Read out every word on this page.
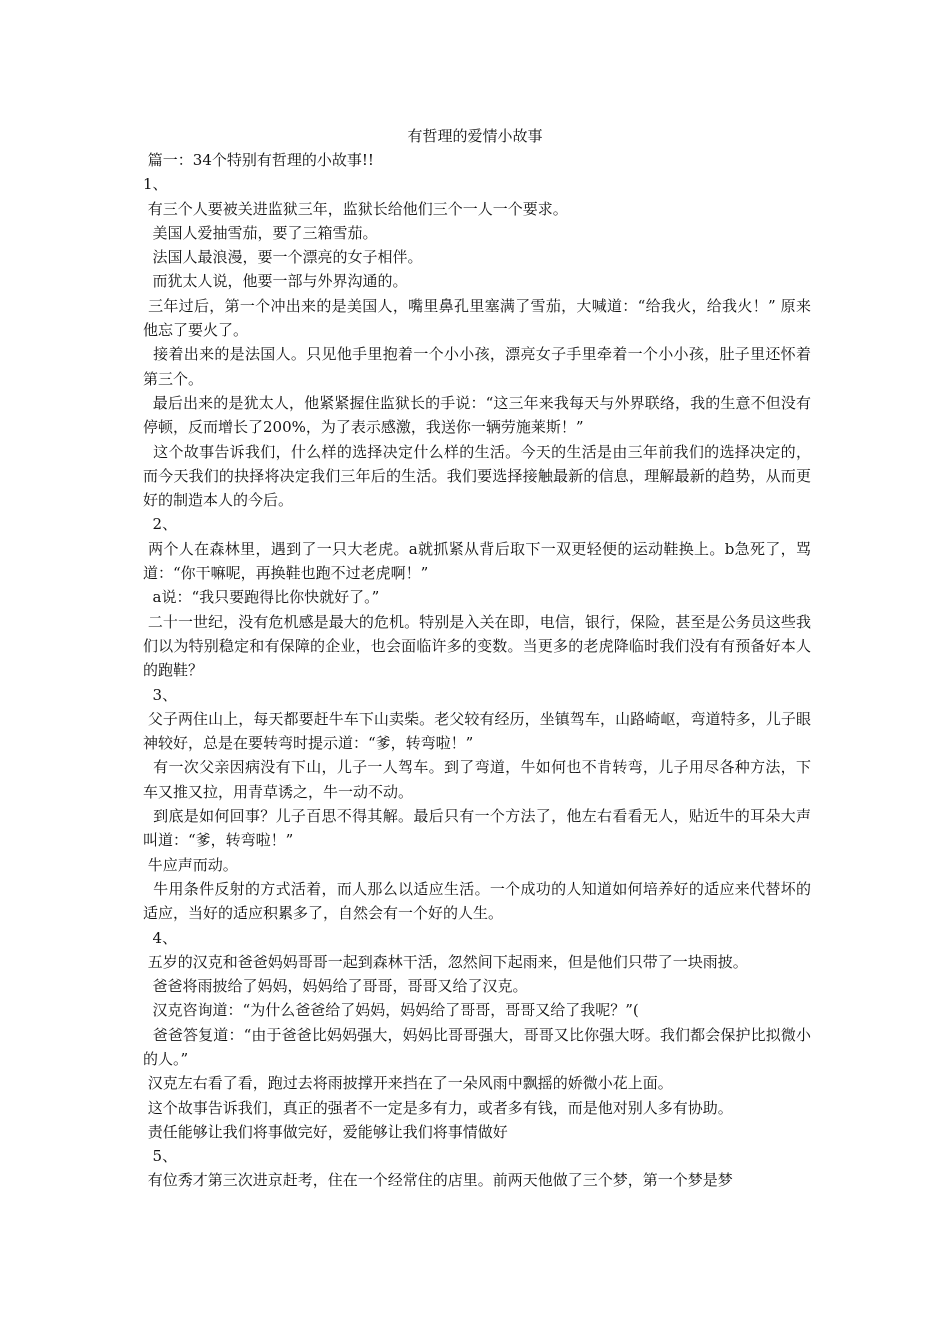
有哲理的爱情小故事

篇一：34个特别有哲理的小故事!!

1、

有三个人要被关进监狱三年，监狱长给他们三个一人一个要求。

美国人爱抽雪茄，要了三箱雪茄。

法国人最浪漫，要一个漂亮的女子相伴。

而犹太人说，他要一部与外界沟通的。

三年过后，第一个冲出来的是美国人，嘴里鼻孔里塞满了雪茄，大喊道：“给我火，给我火！” 原来他忘了要火了。

接着出来的是法国人。只见他手里抱着一个小小孩，漂亮女子手里牵着一个小小孩，肚子里还怀着第三个。

最后出来的是犹太人，他紧紧握住监狱长的手说：“这三年来我每天与外界联络，我的生意不但没有停顿，反而增长了200%，为了表示感激，我送你一辆劳施莱斯！”

这个故事告诉我们，什么样的选择决定什么样的生活。今天的生活是由三年前我们的选择决定的，而今天我们的抉择将决定我们三年后的生活。我们要选择接触最新的信息，理解最新的趋势，从而更好的制造本人的今后。

2、

两个人在森林里，遇到了一只大老虎。a就抓紧从背后取下一双更轻便的运动鞋换上。b急死了，骂道：“你干嘛呢，再换鞋也跑不过老虎啊！”

a说：“我只要跑得比你快就好了。”

二十一世纪，没有危机感是最大的危机。特别是入关在即，电信，银行，保险，甚至是公务员这些我们以为特别稳定和有保障的企业，也会面临许多的变数。当更多的老虎降临时我们没有有预备好本人的跑鞋？

3、

父子两住山上，每天都要赶牛车下山卖柴。老父较有经历，坐镇驾车，山路崎岖，弯道特多，儿子眼神较好，总是在要转弯时提示道：“爹，转弯啦！”

有一次父亲因病没有下山，儿子一人驾车。到了弯道，牛如何也不肯转弯，儿子用尽各种方法，下车又推又拉，用青草诱之，牛一动不动。

到底是如何回事？儿子百思不得其解。最后只有一个方法了，他左右看看无人，贴近牛的耳朵大声叫道：“爹，转弯啦！”

牛应声而动。

牛用条件反射的方式活着，而人那么以适应生活。一个成功的人知道如何培养好的适应来代替坏的适应，当好的适应积累多了，自然会有一个好的人生。

4、

五岁的汉克和爸爸妈妈哥哥一起到森林干活，忽然间下起雨来，但是他们只带了一块雨披。

爸爸将雨披给了妈妈，妈妈给了哥哥，哥哥又给了汉克。

汉克咨询道：“为什么爸爸给了妈妈，妈妈给了哥哥，哥哥又给了我呢？”(

爸爸答复道：“由于爸爸比妈妈强大，妈妈比哥哥强大，哥哥又比你强大呀。我们都会保护比拟微小的人。”

汉克左右看了看，跑过去将雨披撑开来挡在了一朵风雨中飘摇的娇微小花上面。

这个故事告诉我们，真正的强者不一定是多有力，或者多有钱，而是他对别人多有协助。

责任能够让我们将事做完好，爱能够让我们将事情做好

5、

有位秀才第三次进京赶考，住在一个经常住的店里。前两天他做了三个梦，第一个梦是梦
